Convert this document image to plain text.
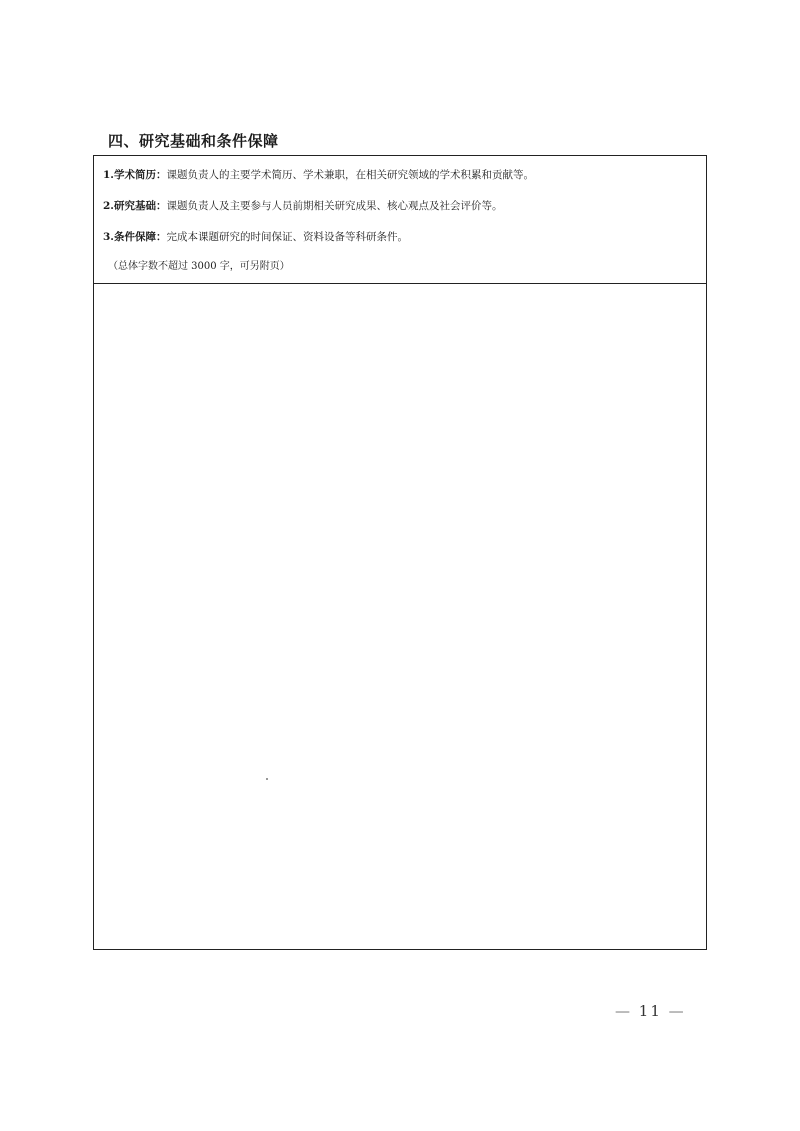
四、研究基础和条件保障
1.学术简历：课题负责人的主要学术简历、学术兼职，在相关研究领域的学术积累和贡献等。
2.研究基础：课题负责人及主要参与人员前期相关研究成果、核心观点及社会评价等。
3.条件保障：完成本课题研究的时间保证、资料设备等科研条件。
（总体字数不超过 3000 字，可另附页）
— 11 —
